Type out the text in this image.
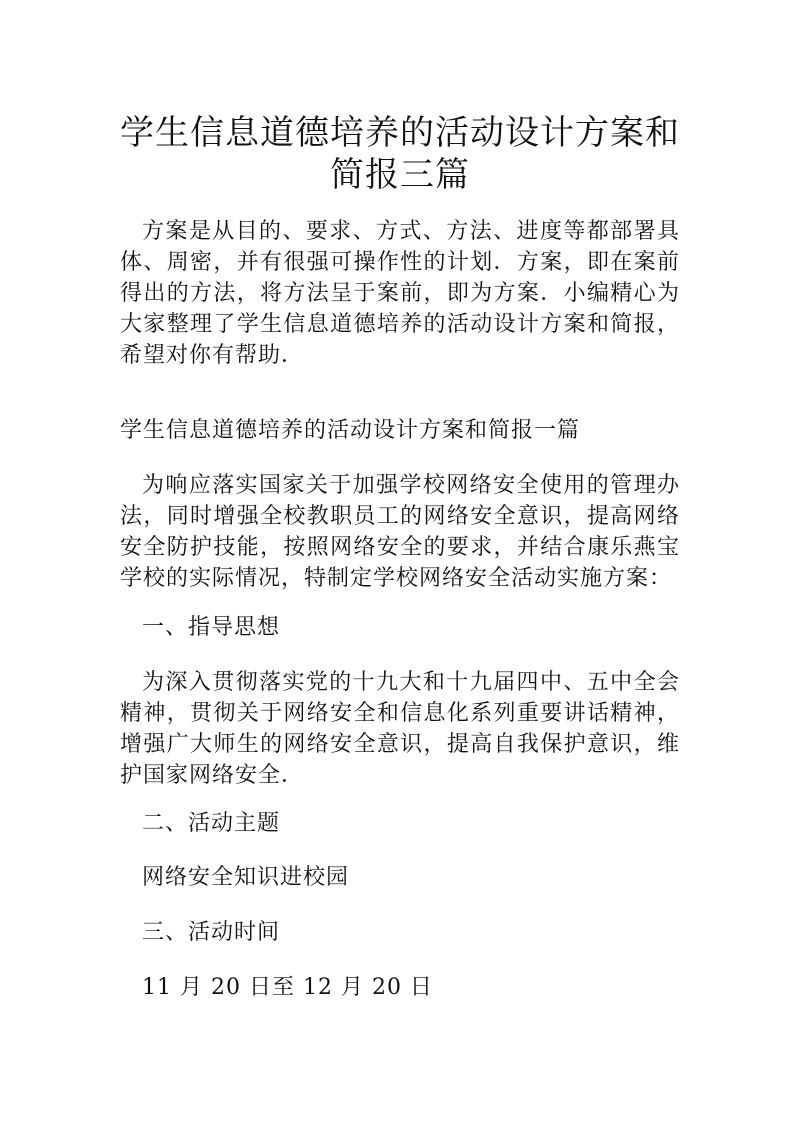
学生信息道德培养的活动设计方案和简报三篇

方案是从目的、要求、方式、方法、进度等都部署具体、周密，并有很强可操作性的计划．方案，即在案前得出的方法，将方法呈于案前，即为方案．小编精心为大家整理了学生信息道德培养的活动设计方案和简报，希望对你有帮助．

学生信息道德培养的活动设计方案和简报一篇

为响应落实国家关于加强学校网络安全使用的管理办法，同时增强全校教职员工的网络安全意识，提高网络安全防护技能，按照网络安全的要求，并结合康乐燕宝学校的实际情况，特制定学校网络安全活动实施方案：

一、指导思想

为深入贯彻落实党的十九大和十九届四中、五中全会精神，贯彻关于网络安全和信息化系列重要讲话精神，增强广大师生的网络安全意识，提高自我保护意识，维护国家网络安全．

二、活动主题

网络安全知识进校园

三、活动时间

11 月 20 日至 12 月 20 日
